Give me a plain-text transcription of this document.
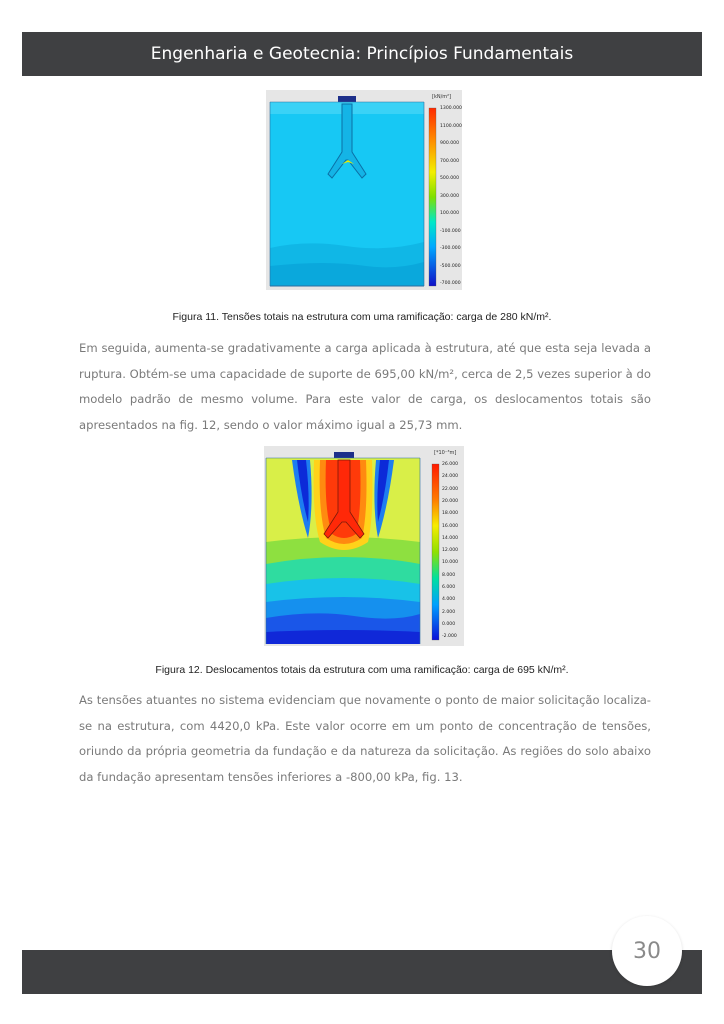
Engenharia e Geotecnia: Princípios Fundamentais
[kN/m²]
1300.000
1100.000
900.000
700.000
500.000
300.000
100.000
-100.000
-300.000
-500.000
-700.000
Figura 11. Tensões totais na estrutura com uma ramificação: carga de 280 kN/m².

Em seguida, aumenta-se gradativamente a carga aplicada à estrutura, até que esta seja levada a ruptura. Obtém-se uma capacidade de suporte de 695,00 kN/m², cerca de 2,5 vezes superior à do modelo padrão de mesmo volume. Para este valor de carga, os deslocamentos totais são apresentados na fig. 12, sendo o valor máximo igual a 25,73 mm.

[*10⁻³m]
26.000
24.000
22.000
20.000
18.000
16.000
14.000
12.000
10.000
8.000
6.000
4.000
2.000
0.000
-2.000
Figura 12. Deslocamentos totais da estrutura com uma ramificação: carga de 695 kN/m².

As tensões atuantes no sistema evidenciam que novamente o ponto de maior solicitação localiza-se na estrutura, com 4420,0 kPa. Este valor ocorre em um ponto de concentração de tensões, oriundo da própria geometria da fundação e da natureza da solicitação. As regiões do solo abaixo da fundação apresentam tensões inferiores a -800,00 kPa, fig. 13.

30
